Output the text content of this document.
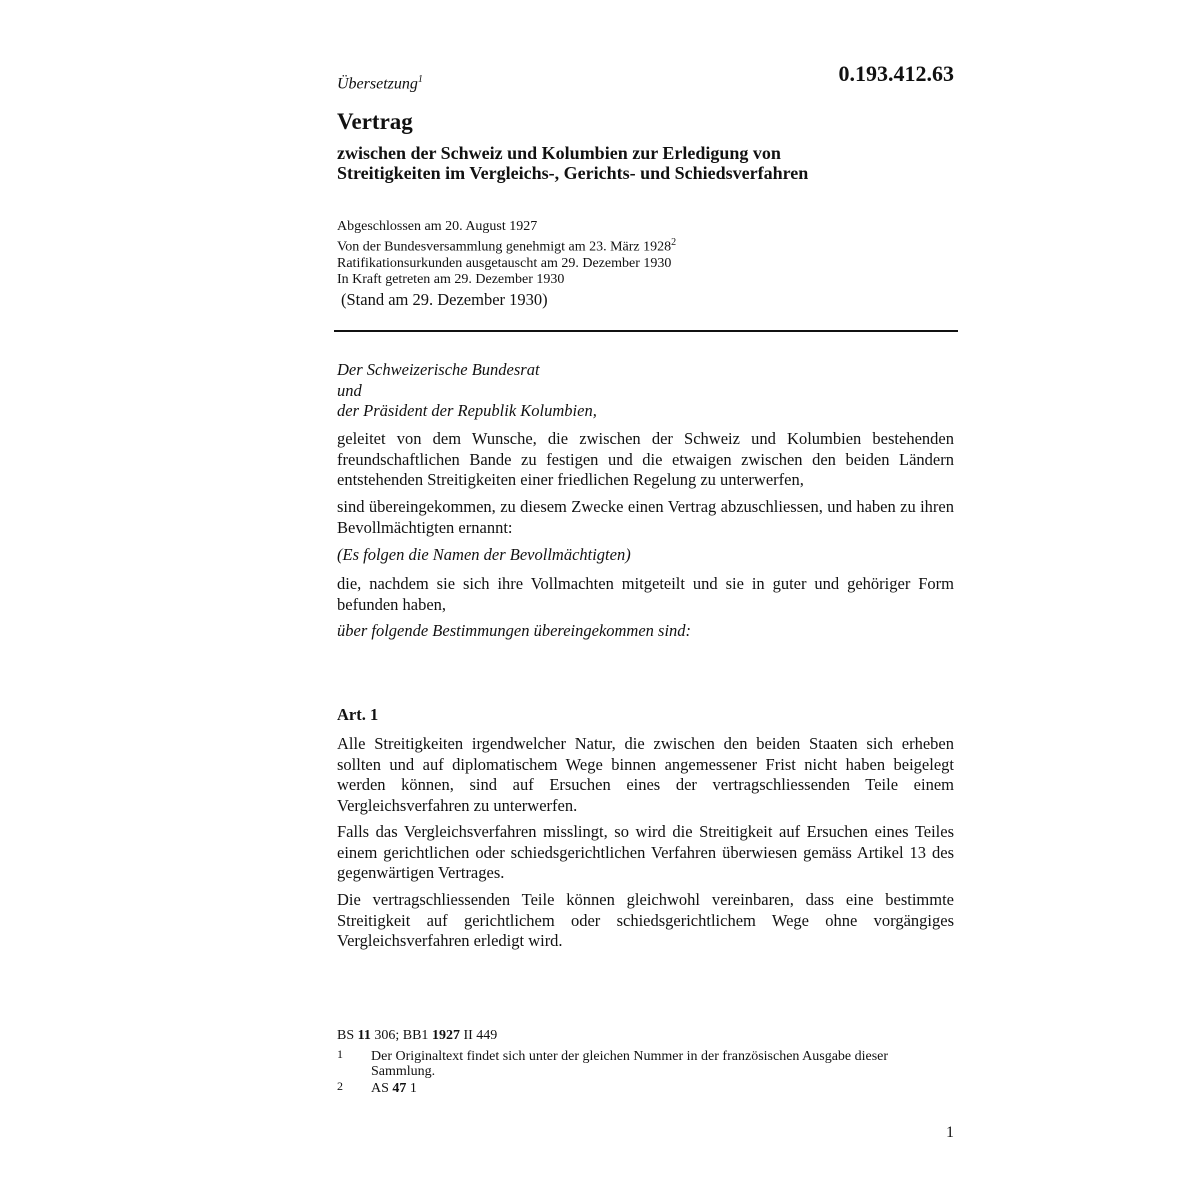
Übersetzung$^1$	0.193.412.63
Vertrag
zwischen der Schweiz und Kolumbien zur Erledigung von
Streitigkeiten im Vergleichs-, Gerichts- und Schiedsverfahren
Abgeschlossen am 20. August 1927
Von der Bundesversammlung genehmigt am 23. März 1928$^2$
Ratifikationsurkunden ausgetauscht am 29. Dezember 1930
In Kraft getreten am 29. Dezember 1930
(Stand am 29. Dezember 1930)
Der Schweizerische Bundesrat
und
der Präsident der Republik Kolumbien,
geleitet von dem Wunsche, die zwischen der Schweiz und Kolumbien bestehenden freundschaftlichen Bande zu festigen und die etwaigen zwischen den beiden Ländern entstehenden Streitigkeiten einer friedlichen Regelung zu unterwerfen,
sind übereingekommen, zu diesem Zwecke einen Vertrag abzuschliessen, und haben zu ihren Bevollmächtigten ernannt:
(Es folgen die Namen der Bevollmächtigten)
die, nachdem sie sich ihre Vollmachten mitgeteilt und sie in guter und gehöriger Form befunden haben,
über folgende Bestimmungen übereingekommen sind:
Art. 1
Alle Streitigkeiten irgendwelcher Natur, die zwischen den beiden Staaten sich erheben sollten und auf diplomatischem Wege binnen angemessener Frist nicht haben beigelegt werden können, sind auf Ersuchen eines der vertragschliessenden Teile einem Vergleichsverfahren zu unterwerfen.
Falls das Vergleichsverfahren misslingt, so wird die Streitigkeit auf Ersuchen eines Teiles einem gerichtlichen oder schiedsgerichtlichen Verfahren überwiesen gemäss Artikel 13 des gegenwärtigen Vertrages.
Die vertragschliessenden Teile können gleichwohl vereinbaren, dass eine bestimmte Streitigkeit auf gerichtlichem oder schiedsgerichtlichem Wege ohne vorgängiges Vergleichsverfahren erledigt wird.
BS 11 306; BB1 1927 II 449
1 Der Originaltext findet sich unter der gleichen Nummer in der französischen Ausgabe dieser Sammlung.
2 AS 47 1
1
